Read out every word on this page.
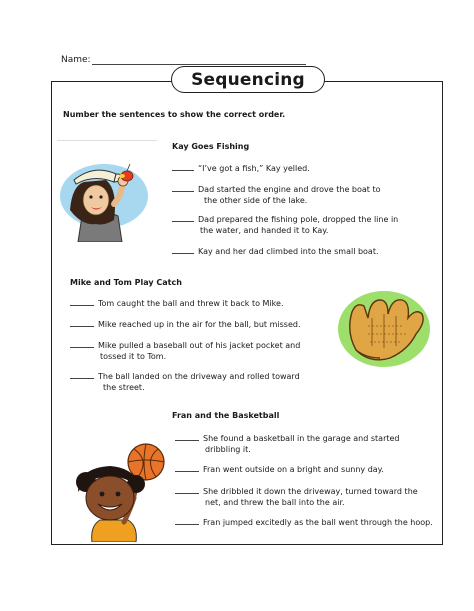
Name:
Sequencing
Number the sentences to show the correct order.
Kay Goes Fishing
“I’ve got a fish,” Kay yelled.
Dad started the engine and drove the boat to
the other side of the lake.
Dad prepared the fishing pole, dropped the line in
the water, and handed it to Kay.
Kay and her dad climbed into the small boat.
Mike and Tom Play Catch
Tom caught the ball and threw it back to Mike.
Mike reached up in the air for the ball, but missed.
Mike pulled a baseball out of his jacket pocket and
tossed it to Tom.
The ball landed on the driveway and rolled toward
the street.
Fran and the Basketball
She found a basketball in the garage and started
dribbling it.
Fran went outside on a bright and sunny day.
She dribbled it down the driveway, turned toward the
net, and threw the ball into the air.
Fran jumped excitedly as the ball went through the hoop.
